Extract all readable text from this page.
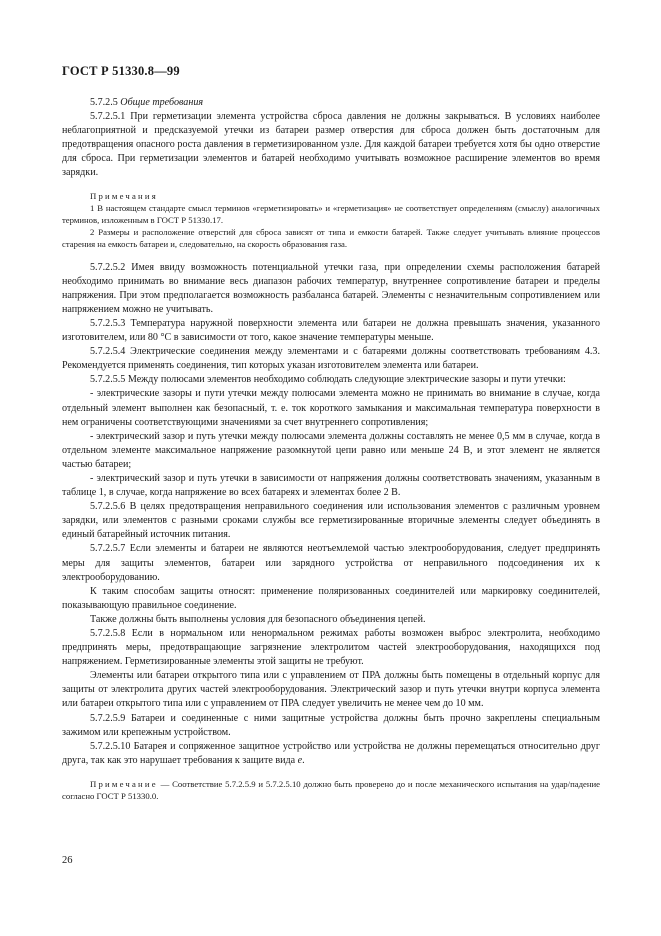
ГОСТ Р 51330.8—99

5.7.2.5 Общие требования

5.7.2.5.1 При герметизации элемента устройства сброса давления не должны закрываться. В условиях наиболее неблагоприятной и предсказуемой утечки из батареи размер отверстия для сброса должен быть достаточным для предотвращения опасного роста давления в герметизированном узле. Для каждой батареи требуется хотя бы одно отверстие для сброса. При герметизации элементов и батарей необходимо учитывать возможное расширение элементов во время зарядки.

Примечания

1 В настоящем стандарте смысл терминов «герметизировать» и «герметизация» не соответствует определениям (смыслу) аналогичных терминов, изложенным в ГОСТ Р 51330.17.

2 Размеры и расположение отверстий для сброса зависят от типа и емкости батарей. Также следует учитывать влияние процессов старения на емкость батареи и, следовательно, на скорость образования газа.

5.7.2.5.2 Имея ввиду возможность потенциальной утечки газа, при определении схемы расположения батарей необходимо принимать во внимание весь диапазон рабочих температур, внутреннее сопротивление батареи и пределы напряжения. При этом предполагается возможность разбаланса батарей. Элементы с незначительным сопротивлением или напряжением можно не учитывать.

5.7.2.5.3 Температура наружной поверхности элемента или батареи не должна превышать значения, указанного изготовителем, или 80 °С в зависимости от того, какое значение температуры меньше.

5.7.2.5.4 Электрические соединения между элементами и с батареями должны соответствовать требованиям 4.3. Рекомендуется применять соединения, тип которых указан изготовителем элемента или батареи.

5.7.2.5.5 Между полюсами элементов необходимо соблюдать следующие электрические зазоры и пути утечки:

- электрические зазоры и пути утечки между полюсами элемента можно не принимать во внимание в случае, когда отдельный элемент выполнен как безопасный, т. е. ток короткого замыкания и максимальная температура поверхности в нем ограничены соответствующими значениями за счет внутреннего сопротивления;

- электрический зазор и путь утечки между полюсами элемента должны составлять не менее 0,5 мм в случае, когда в отдельном элементе максимальное напряжение разомкнутой цепи равно или меньше 24 В, и этот элемент не является частью батареи;

- электрический зазор и путь утечки в зависимости от напряжения должны соответствовать значениям, указанным в таблице 1, в случае, когда напряжение во всех батареях и элементах более 2 В.

5.7.2.5.6 В целях предотвращения неправильного соединения или использования элементов с различным уровнем зарядки, или элементов с разными сроками службы все герметизированные вторичные элементы следует объединять в единый батарейный источник питания.

5.7.2.5.7 Если элементы и батареи не являются неотъемлемой частью электрооборудования, следует предпринять меры для защиты элементов, батареи или зарядного устройства от неправильного подсоединения их к электрооборудованию.

К таким способам защиты относят: применение поляризованных соединителей или маркировку соединителей, показывающую правильное соединение.

Также должны быть выполнены условия для безопасного объединения цепей.

5.7.2.5.8 Если в нормальном или ненормальном режимах работы возможен выброс электролита, необходимо предпринять меры, предотвращающие загрязнение электролитом частей электрооборудования, находящихся под напряжением. Герметизированные элементы этой защиты не требуют.

Элементы или батареи открытого типа или с управлением от ПРА должны быть помещены в отдельный корпус для защиты от электролита других частей электрооборудования. Электрический зазор и путь утечки внутри корпуса элемента или батареи открытого типа или с управлением от ПРА следует увеличить не менее чем до 10 мм.

5.7.2.5.9 Батареи и соединенные с ними защитные устройства должны быть прочно закреплены специальным зажимом или крепежным устройством.

5.7.2.5.10 Батарея и сопряженное защитное устройство или устройства не должны перемещаться относительно друг друга, так как это нарушает требования к защите вида е.

Примечание — Соответствие 5.7.2.5.9 и 5.7.2.5.10 должно быть проверено до и после механического испытания на удар/падение согласно ГОСТ Р 51330.0.

26
